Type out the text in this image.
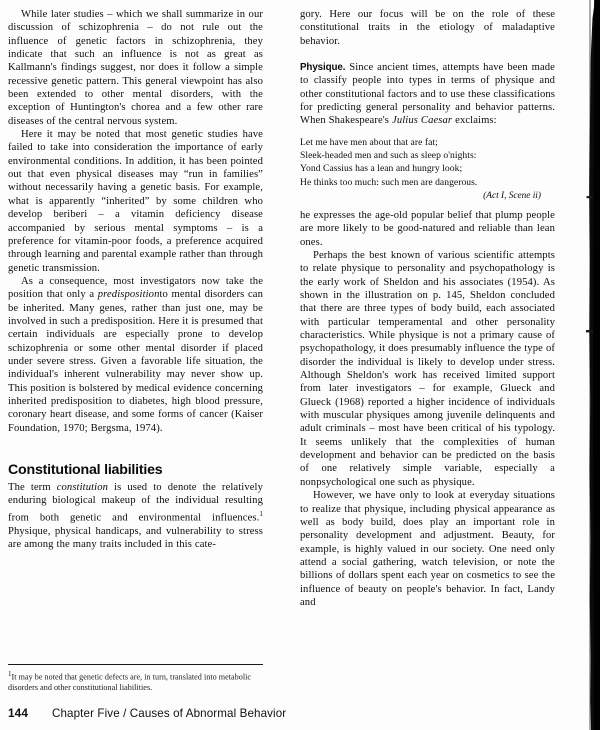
While later studies – which we shall summarize in our discussion of schizophrenia – do not rule out the influence of genetic factors in schizophrenia, they indicate that such an influence is not as great as Kallmann's findings suggest, nor does it follow a simple recessive genetic pattern. This general viewpoint has also been extended to other mental disorders, with the exception of Huntington's chorea and a few other rare diseases of the central nervous system.

Here it may be noted that most genetic studies have failed to take into consideration the importance of early environmental conditions. In addition, it has been pointed out that even physical diseases may “run in families” without necessarily having a genetic basis. For example, what is apparently “inherited” by some children who develop beriberi – a vitamin deficiency disease accompanied by serious mental symptoms – is a preference for vitamin-poor foods, a preference acquired through learning and parental example rather than through genetic transmission.

As a consequence, most investigators now take the position that only a predispositionto mental disorders can be inherited. Many genes, rather than just one, may be involved in such a predisposition. Here it is presumed that certain individuals are especially prone to develop schizophrenia or some other mental disorder if placed under severe stress. Given a favorable life situation, the individual's inherent vulnerability may never show up. This position is bolstered by medical evidence concerning inherited predisposition to diabetes, high blood pressure, coronary heart disease, and some forms of cancer (Kaiser Foundation, 1970; Bergsma, 1974).

Constitutional liabilities

The term constitution is used to denote the relatively enduring biological makeup of the individual resulting from both genetic and environmental influences.$^1$ Physique, physical handicaps, and vulnerability to stress are among the many traits included in this cate-

gory. Here our focus will be on the role of these constitutional traits in the etiology of maladaptive behavior.

Physique. Since ancient times, attempts have been made to classify people into types in terms of physique and other constitutional factors and to use these classifications for predicting general personality and behavior patterns. When Shakespeare's Julius Caesar exclaims:

Let me have men about that are fat;
Sleek-headed men and such as sleep o'nights:
Yond Cassius has a lean and hungry look;
He thinks too much: such men are dangerous.
(Act I, Scene ii)

he expresses the age-old popular belief that plump people are more likely to be good-natured and reliable than lean ones.

Perhaps the best known of various scientific attempts to relate physique to personality and psychopathology is the early work of Sheldon and his associates (1954). As shown in the illustration on p. 145, Sheldon concluded that there are three types of body build, each associated with particular temperamental and other personality characteristics. While physique is not a primary cause of psychopathology, it does presumably influence the type of disorder the individual is likely to develop under stress. Although Sheldon's work has received limited support from later investigators – for example, Glueck and Glueck (1968) reported a higher incidence of individuals with muscular physiques among juvenile delinquents and adult criminals – most have been critical of his typology. It seems unlikely that the complexities of human development and behavior can be predicted on the basis of one relatively simple variable, especially a nonpsychological one such as physique.

However, we have only to look at everyday situations to realize that physique, including physical appearance as well as body build, does play an important role in personality development and adjustment. Beauty, for example, is highly valued in our society. One need only attend a social gathering, watch television, or note the billions of dollars spent each year on cosmetics to see the influence of beauty on people's behavior. In fact, Landy and

$^1$It may be noted that genetic defects are, in turn, translated into metabolic disorders and other constitutional liabilities.

144	Chapter Five / Causes of Abnormal Behavior
